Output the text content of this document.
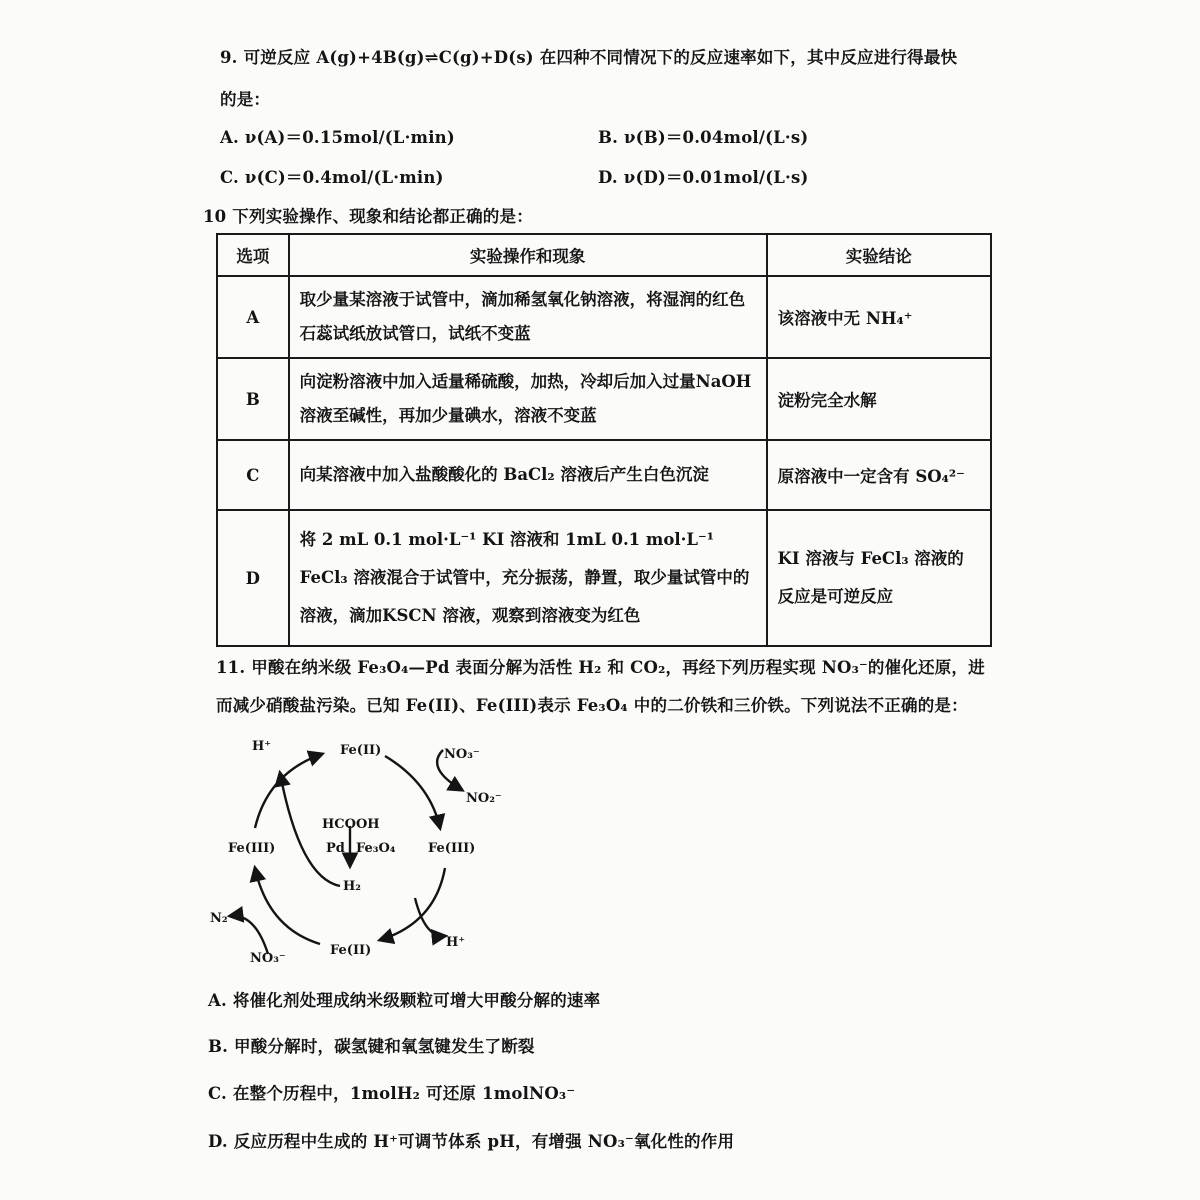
9. 可逆反应 A(g)+4B(g)⇌C(g)+D(s) 在四种不同情况下的反应速率如下，其中反应进行得最快
的是：
A. ν(A)＝0.15mol/(L·min)	B. ν(B)＝0.04mol/(L·s)
C. ν(C)＝0.4mol/(L·min)	D. ν(D)＝0.01mol/(L·s)
10 下列实验操作、现象和结论都正确的是：
选项	实验操作和现象	实验结论
A	取少量某溶液于试管中，滴加稀氢氧化钠溶液，将湿润的红色石蕊试纸放试管口，试纸不变蓝	该溶液中无 NH₄⁺
B	向淀粉溶液中加入适量稀硫酸，加热，冷却后加入过量NaOH 溶液至碱性，再加少量碘水，溶液不变蓝	淀粉完全水解
C	向某溶液中加入盐酸酸化的 BaCl₂ 溶液后产生白色沉淀	原溶液中一定含有 SO₄²⁻
D	将 2 mL 0.1 mol·L⁻¹ KI 溶液和 1mL 0.1 mol·L⁻¹ FeCl₃ 溶液混合于试管中，充分振荡，静置，取少量试管中的溶液，滴加KSCN 溶液，观察到溶液变为红色	KI 溶液与 FeCl₃ 溶液的反应是可逆反应
11. 甲酸在纳米级 Fe₃O₄—Pd 表面分解为活性 H₂ 和 CO₂，再经下列历程实现 NO₃⁻的催化还原，进
而减少硝酸盐污染。已知 Fe(II)、Fe(III)表示 Fe₃O₄ 中的二价铁和三价铁。下列说法不正确的是：
Fe(II)
Fe(III)
Fe(II)
Fe(III)
H⁺
H⁺
NO₃⁻
NO₂⁻
NO₃⁻
N₂
HCOOH
Pd Fe₃O₄
H₂
A. 将催化剂处理成纳米级颗粒可增大甲酸分解的速率
B. 甲酸分解时，碳氢键和氧氢键发生了断裂
C. 在整个历程中，1molH₂ 可还原 1molNO₃⁻
D. 反应历程中生成的 H⁺可调节体系 pH，有增强 NO₃⁻氧化性的作用
